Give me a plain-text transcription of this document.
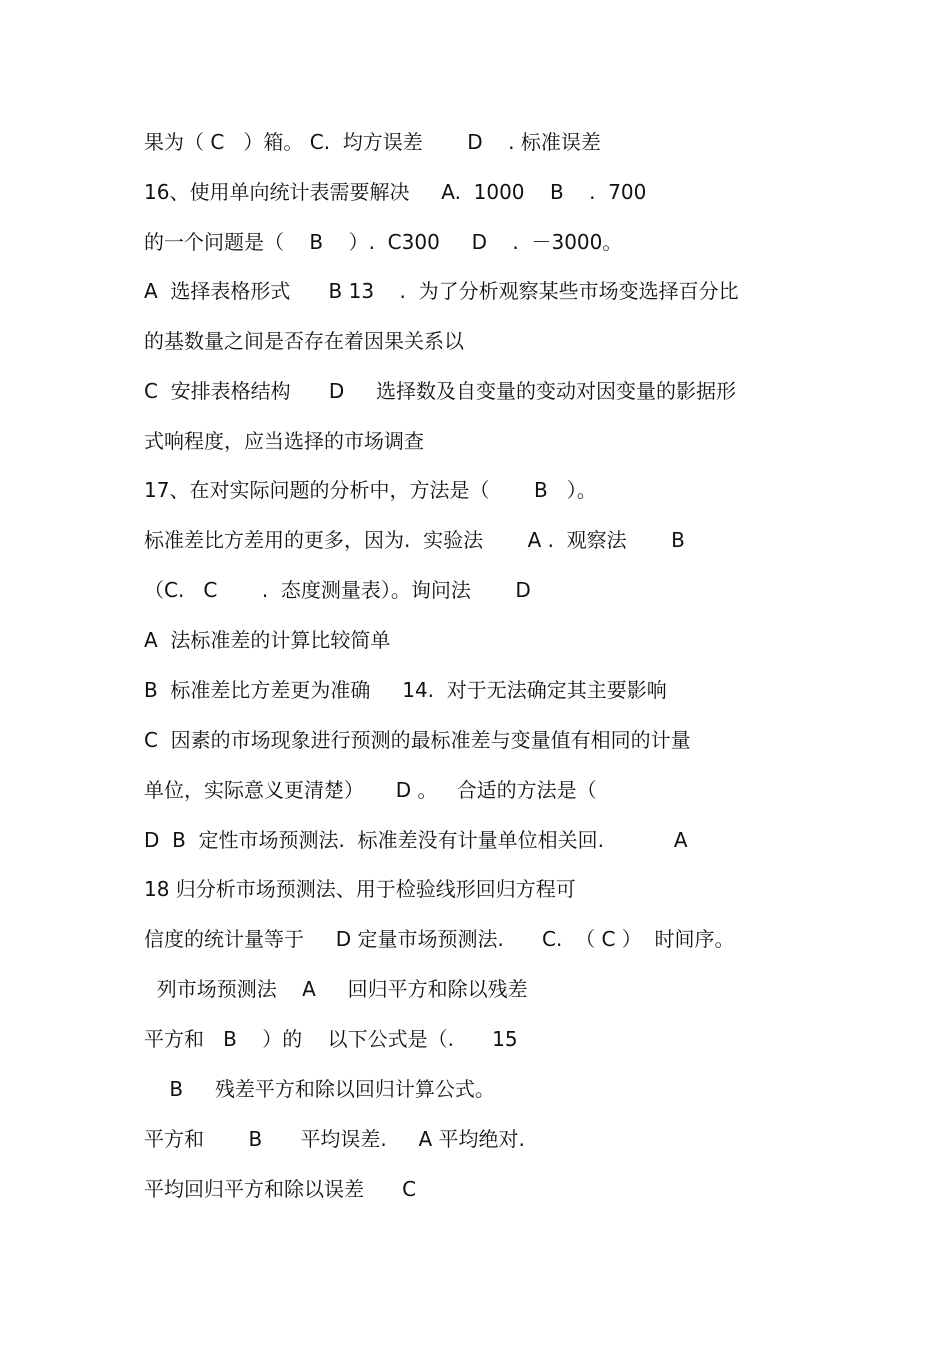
果为（ C   ）箱。 C.  均方误差       D    . 标准误差
16、使用单向统计表需要解决     A.  1000    B    .  700
的一个问题是（    B    ）.  C300     D    .  －3000。
A  选择表格形式      B 13    .  为了分析观察某些市场变选择百分比
的基数量之间是否存在着因果关系以
C  安排表格结构      D     选择数及自变量的变动对因变量的影据形
式响程度，应当选择的市场调查
17、在对实际问题的分析中，方法是（       B   ）。
标准差比方差用的更多，因为.  实验法       A .  观察法       B
（C.   C       .  态度测量表）。询问法       D
A  法标准差的计算比较简单
B  标准差比方差更为准确     14.  对于无法确定其主要影响
C  因素的市场现象进行预测的最标准差与变量值有相同的计量
单位，实际意义更清楚）     D 。   合适的方法是（
D  B  定性市场预测法.  标准差没有计量单位相关回.           A
18 归分析市场预测法、用于检验线形回归方程可
信度的统计量等于     D 定量市场预测法.      C.  （ C ）  时间序。
列市场预测法    A     回归平方和除以残差
平方和   B    ）的    以下公式是（.      15
B     残差平方和除以回归计算公式。
平方和       B      平均误差.     A 平均绝对.
平均回归平方和除以误差      C
